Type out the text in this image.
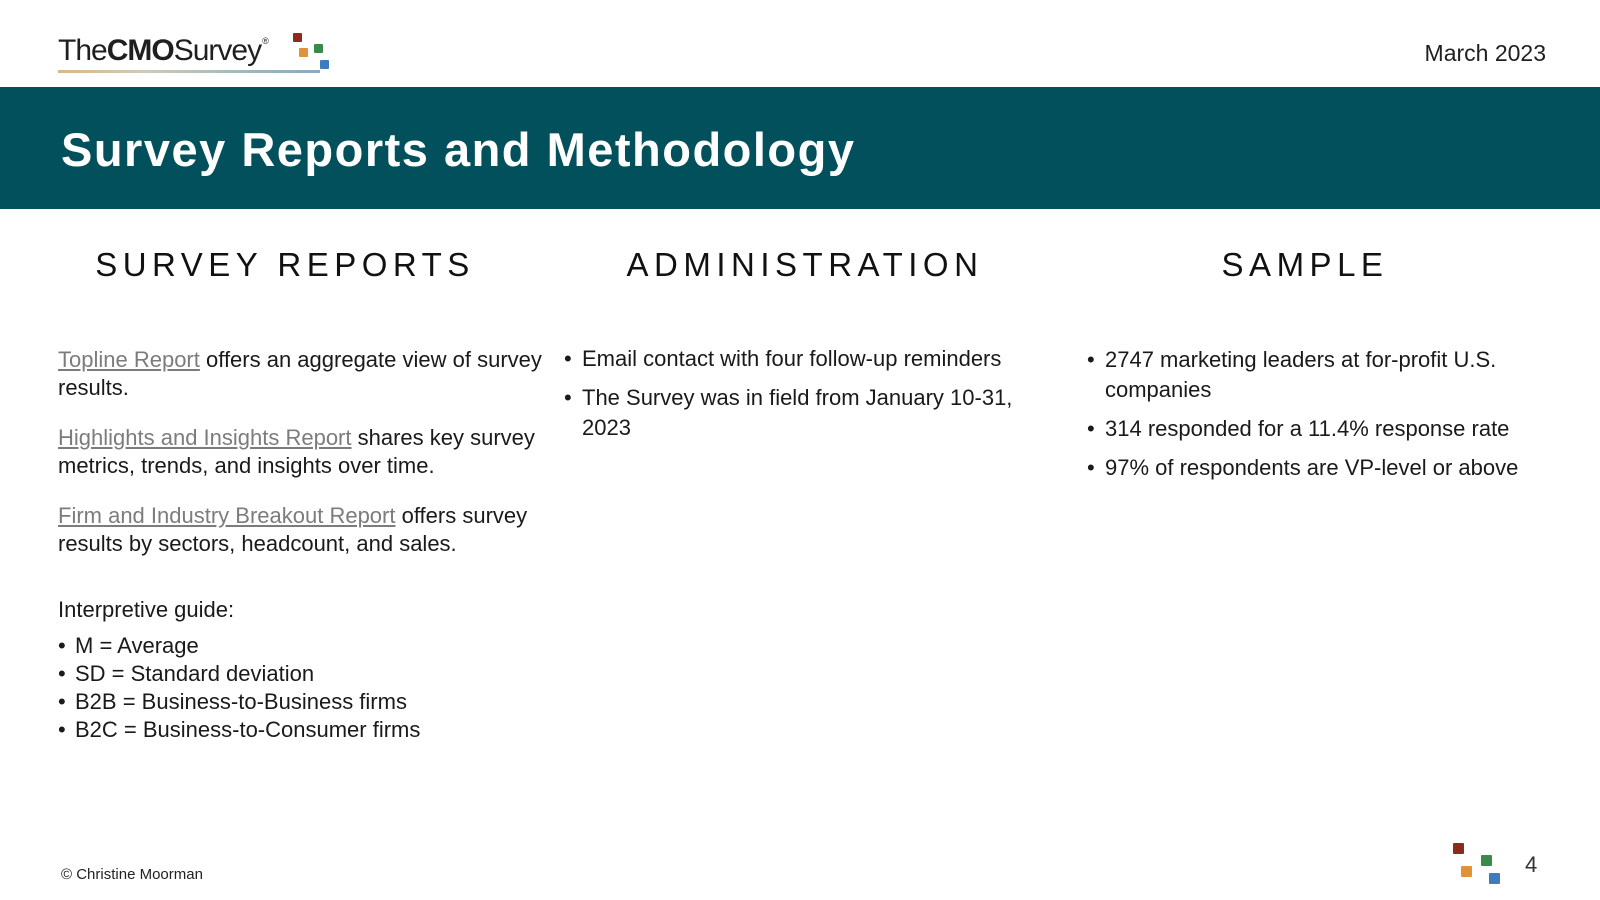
TheCMOSurvey®	March 2023
Survey Reports and Methodology
SURVEY REPORTS	ADMINISTRATION	SAMPLE

Topline Report offers an aggregate view of survey results.

Highlights and Insights Report shares key survey metrics, trends, and insights over time.

Firm and Industry Breakout Report offers survey results by sectors, headcount, and sales.

Interpretive guide:

• M = Average
• SD = Standard deviation
• B2B = Business-to-Business firms
• B2C = Business-to-Consumer firms
• Email contact with four follow-up reminders
• The Survey was in field from January 10-31, 2023
• 2747 marketing leaders at for-profit U.S. companies
• 314 responded for a 11.4% response rate
• 97% of respondents are VP-level or above
© Christine Moorman	4
